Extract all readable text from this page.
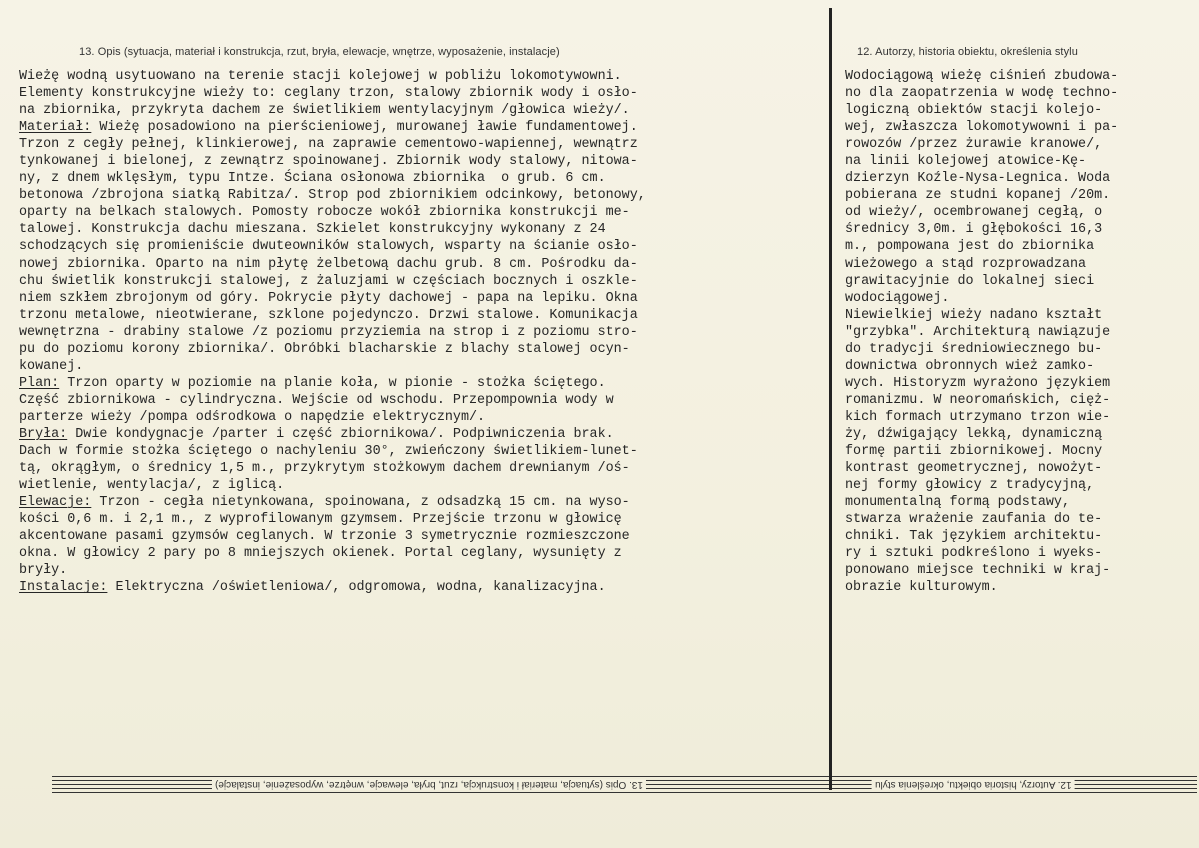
13. Opis (sytuacja, materiał i konstrukcja, rzut, bryła, elewacje, wnętrze, wyposażenie, instalacje)	12. Autorzy, historia obiektu, określenia stylu
Wieżę wodną usytuowano na terenie stacji kolejowej w pobliżu lokomotywowni.
Elementy konstrukcyjne wieży to: ceglany trzon, stalowy zbiornik wody i osło-
na zbiornika, przykryta dachem ze świetlikiem wentylacyjnym /głowica wieży/.
Materiał: Wieżę posadowiono na pierścieniowej, murowanej ławie fundamentowej.
Trzon z cegły pełnej, klinkierowej, na zaprawie cementowo-wapiennej, wewnątrz
tynkowanej i bielonej, z zewnątrz spoinowanej. Zbiornik wody stalowy, nitowa-
ny, z dnem wklęsłym, typu Intze. Ściana osłonowa zbiornika  o grub. 6 cm.
betonowa /zbrojona siatką Rabitza/. Strop pod zbiornikiem odcinkowy, betonowy,
oparty na belkach stalowych. Pomosty robocze wokół zbiornika konstrukcji me-
talowej. Konstrukcja dachu mieszana. Szkielet konstrukcyjny wykonany z 24
schodzących się promieniście dwuteowników stalowych, wsparty na ścianie osło-
nowej zbiornika. Oparto na nim płytę żelbetową dachu grub. 8 cm. Pośrodku da-
chu świetlik konstrukcji stalowej, z żaluzjami w częściach bocznych i oszkle-
niem szkłem zbrojonym od góry. Pokrycie płyty dachowej - papa na lepiku. Okna
trzonu metalowe, nieotwierane, szklone pojedynczo. Drzwi stalowe. Komunikacja
wewnętrzna - drabiny stalowe /z poziomu przyziemia na strop i z poziomu stro-
pu do poziomu korony zbiornika/. Obróbki blacharskie z blachy stalowej ocyn-
kowanej.
Plan: Trzon oparty w poziomie na planie koła, w pionie - stożka ściętego.
Część zbiornikowa - cylindryczna. Wejście od wschodu. Przepompownia wody w
parterze wieży /pompa odśrodkowa o napędzie elektrycznym/.
Bryła: Dwie kondygnacje /parter i część zbiornikowa/. Podpiwniczenia brak.
Dach w formie stożka ściętego o nachyleniu 30°, zwieńczony świetlikiem-lunet-
tą, okrągłym, o średnicy 1,5 m., przykrytym stożkowym dachem drewnianym /oś-
wietlenie, wentylacja/, z iglicą.
Elewacje: Trzon - cegła nietynkowana, spoinowana, z odsadzką 15 cm. na wyso-
kości 0,6 m. i 2,1 m., z wyprofilowanym gzymsem. Przejście trzonu w głowicę
akcentowane pasami gzymsów ceglanych. W trzonie 3 symetrycznie rozmieszczone
okna. W głowicy 2 pary po 8 mniejszych okienek. Portal ceglany, wysunięty z
bryły.
Instalacje: Elektryczna /oświetleniowa/, odgromowa, wodna, kanalizacyjna.
Wodociągową wieżę ciśnień zbudowa-
no dla zaopatrzenia w wodę techno-
logiczną obiektów stacji kolejo-
wej, zwłaszcza lokomotywowni i pa-
rowozów /przez żurawie kranowe/,
na linii kolejowej atowice-Kę-
dzierzyn Koźle-Nysa-Legnica. Woda
pobierana ze studni kopanej /20m.
od wieży/, ocembrowanej cegłą, o
średnicy 3,0m. i głębokości 16,3
m., pompowana jest do zbiornika
wieżowego a stąd rozprowadzana
grawitacyjnie do lokalnej sieci
wodociągowej.
Niewielkiej wieży nadano kształt
"grzybka". Architekturą nawiązuje
do tradycji średniowiecznego bu-
downictwa obronnych wież zamko-
wych. Historyzm wyrażono językiem
romanizmu. W neoromańskich, cięż-
kich formach utrzymano trzon wie-
ży, dźwigający lekką, dynamiczną
formę partii zbiornikowej. Mocny
kontrast geometrycznej, nowożyt-
nej formy głowicy z tradycyjną,
monumentalną formą podstawy,
stwarza wrażenie zaufania do te-
chniki. Tak językiem architektu-
ry i sztuki podkreślono i wyeks-
ponowano miejsce techniki w kraj-
obrazie kulturowym.
13. Opis (sytuacja, materiał i konstrukcja, rzut, bryła, elewacje, wnętrze, wyposażenie, instalacje)	12. Autorzy, historia obiektu, określenia stylu
